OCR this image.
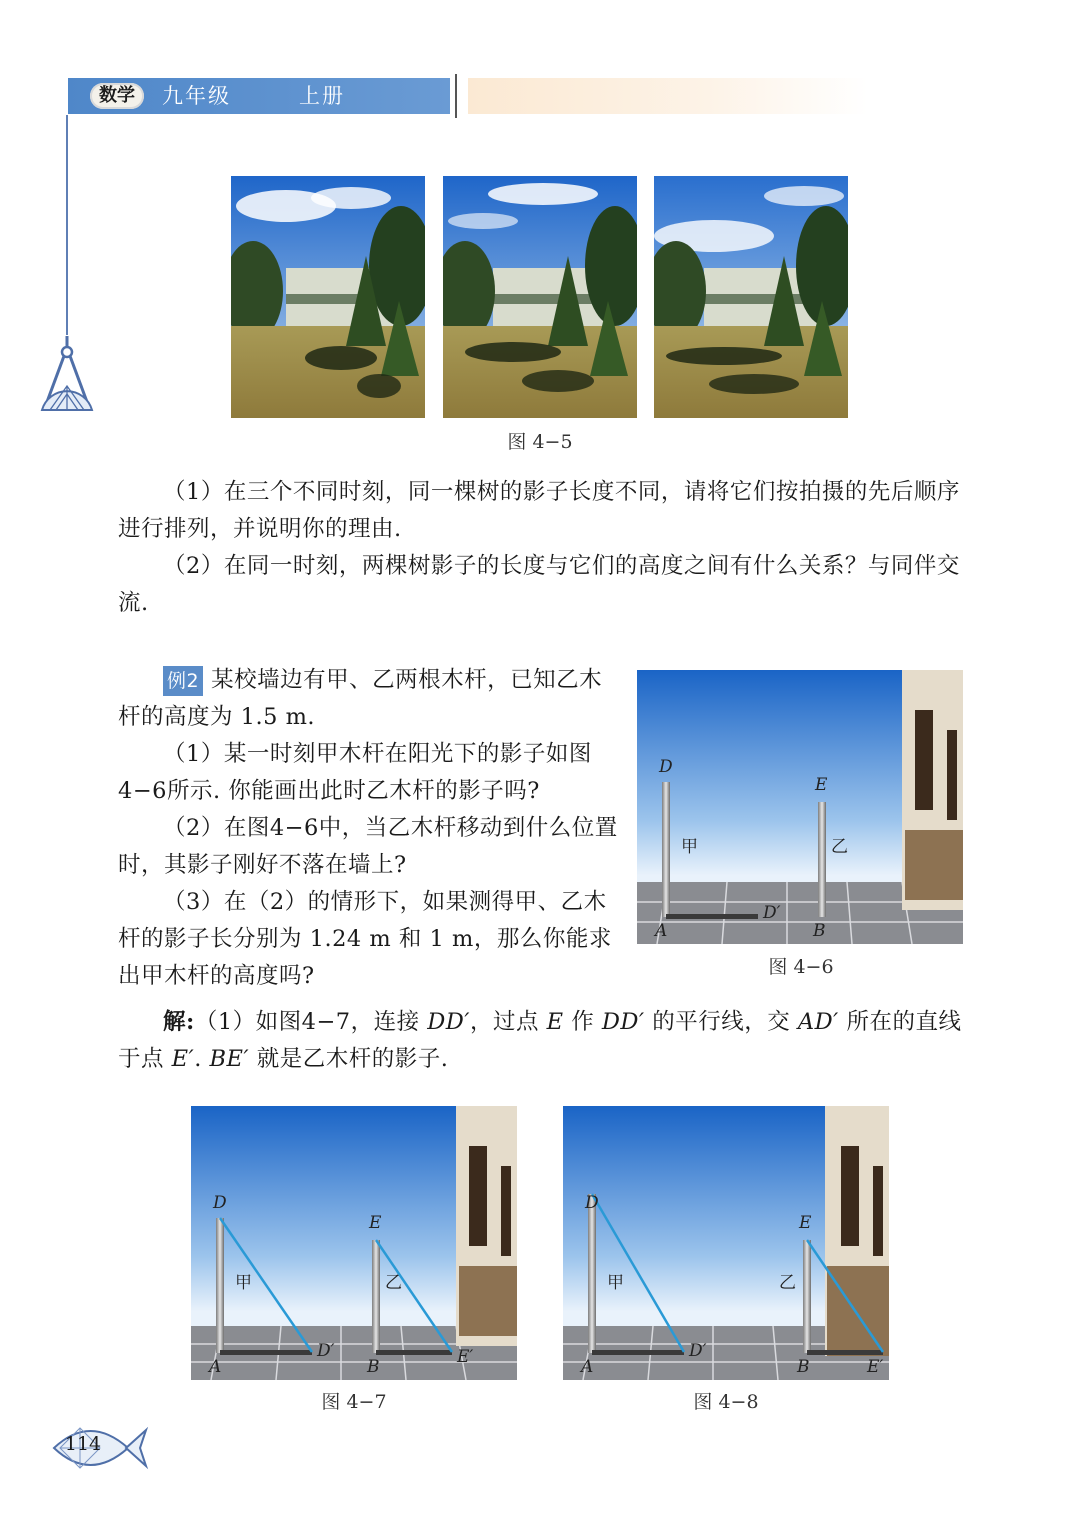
数学	九年级   上册
图 4−5

（1）在三个不同时刻，同一棵树的影子长度不同，请将它们按拍摄的先后顺序进行排列，并说明你的理由.

（2）在同一时刻，两棵树影子的长度与它们的高度之间有什么关系？与同伴交流.

例2 某校墙边有甲、乙两根木杆，已知乙木杆的高度为 1.5 m.

（1）某一时刻甲木杆在阳光下的影子如图4−6所示. 你能画出此时乙木杆的影子吗?

（2）在图4−6中，当乙木杆移动到什么位置时，其影子刚好不落在墙上?

（3）在（2）的情形下，如果测得甲、乙木杆的影子长分别为 1.24 m 和 1 m，那么你能求出甲木杆的高度吗?

D
E
甲	乙
A	B
D′
图 4−6

解:（1）如图4−7，连接 DD′，过点 E 作 DD′ 的平行线，交 AD′ 所在的直线于点 E′. BE′ 就是乙木杆的影子.

D
E
甲	乙
A	B
D′	E′
图 4−7
D
E
甲	乙
A	B
D′
E′
图 4−8
114
